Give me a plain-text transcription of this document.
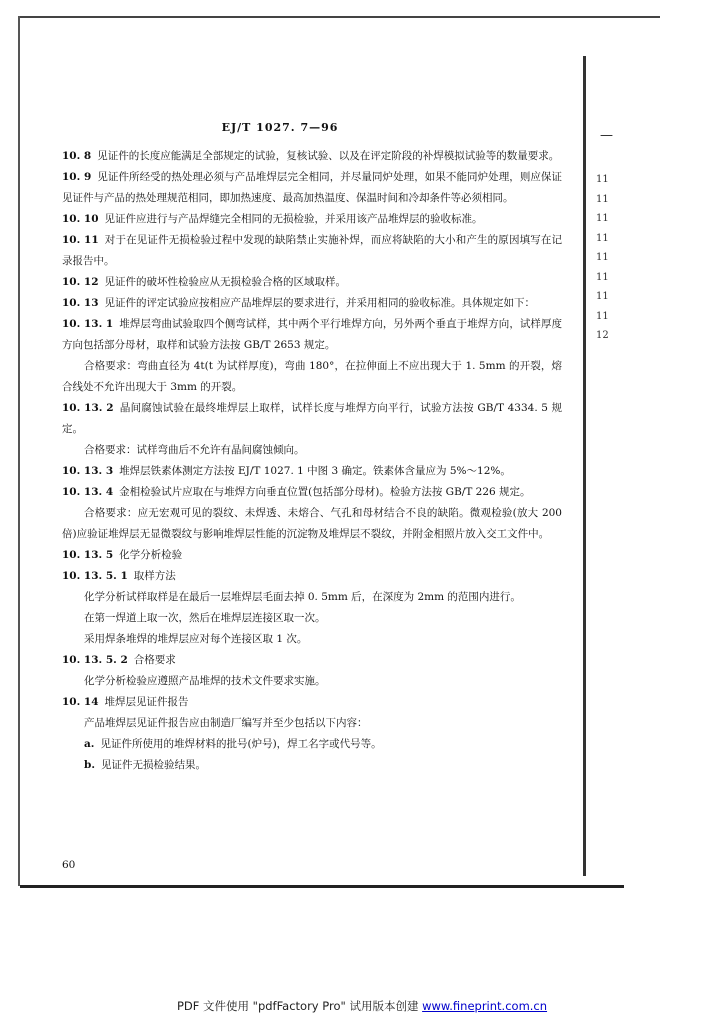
—
EJ/T 1027. 7—96

10. 8 见证件的长度应能满足全部规定的试验，复核试验、以及在评定阶段的补焊模拟试验等的数量要求。

10. 9 见证件所经受的热处理必须与产品堆焊层完全相同，并尽量同炉处理，如果不能同炉处理，则应保证见证件与产品的热处理规范相同，即加热速度、最高加热温度、保温时间和冷却条件等必须相同。

10. 10 见证件应进行与产品焊缝完全相同的无损检验，并采用该产品堆焊层的验收标准。

10. 11 对于在见证件无损检验过程中发现的缺陷禁止实施补焊，而应将缺陷的大小和产生的原因填写在记录报告中。

10. 12 见证件的破坏性检验应从无损检验合格的区域取样。

10. 13 见证件的评定试验应按相应产品堆焊层的要求进行，并采用相同的验收标准。具体规定如下：

10. 13. 1 堆焊层弯曲试验取四个侧弯试样，其中两个平行堆焊方向，另外两个垂直于堆焊方向，试样厚度方向包括部分母材，取样和试验方法按 GB/T 2653 规定。

合格要求：弯曲直径为 4t(t 为试样厚度)，弯曲 180°，在拉伸面上不应出现大于 1. 5mm 的开裂，熔合线处不允许出现大于 3mm 的开裂。

10. 13. 2 晶间腐蚀试验在最终堆焊层上取样，试样长度与堆焊方向平行，试验方法按 GB/T 4334. 5 规定。

合格要求：试样弯曲后不允许有晶间腐蚀倾向。

10. 13. 3 堆焊层铁素体测定方法按 EJ/T 1027. 1 中图 3 确定。铁素体含量应为 5%～12%。

10. 13. 4 金相检验试片应取在与堆焊方向垂直位置(包括部分母材)。检验方法按 GB/T 226 规定。

合格要求：应无宏观可见的裂纹、未焊透、未熔合、气孔和母材结合不良的缺陷。微观检验(放大 200 倍)应验证堆焊层无显微裂纹与影响堆焊层性能的沉淀物及堆焊层不裂纹，并附金相照片放入交工文件中。

10. 13. 5 化学分析检验

10. 13. 5. 1 取样方法

化学分析试样取样是在最后一层堆焊层毛面去掉 0. 5mm 后，在深度为 2mm 的范围内进行。

在第一焊道上取一次，然后在堆焊层连接区取一次。

采用焊条堆焊的堆焊层应对每个连接区取 1 次。

10. 13. 5. 2 合格要求

化学分析检验应遵照产品堆焊的技术文件要求实施。

10. 14 堆焊层见证件报告

产品堆焊层见证件报告应由制造厂编写并至少包括以下内容：

a. 见证件所使用的堆焊材料的批号(炉号)，焊工名字或代号等。

b. 见证件无损检验结果。

11
11
11
11
11
11
11
11
12
60
PDF 文件使用 "pdfFactory Pro" 试用版本创建 www.fineprint.com.cn
